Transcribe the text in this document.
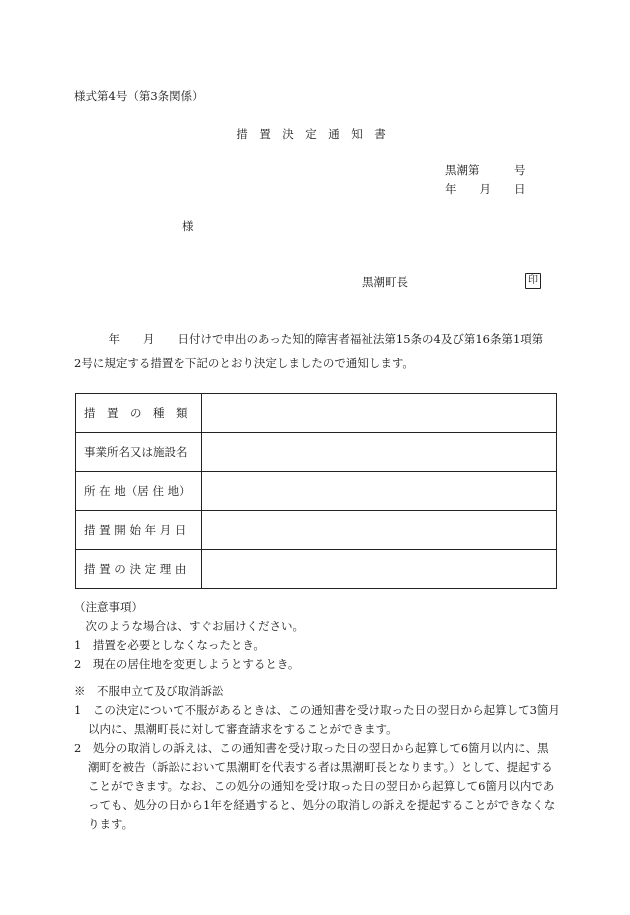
様式第4号（第3条関係）
措　置　決　定　通　知　書
黒潮第　　　号
年　　月　　日
様
黒潮町長	印

　　　年　　月　　日付けで申出のあった知的障害者福祉法第15条の4及び第16条第1項第

2号に規定する措置を下記のとおり決定しましたので通知します。

措　置　の　種　類	
事業所名又は施設名	
所 在 地（居 住 地）	
措 置 開 始 年 月 日	
措 置 の 決 定 理 由	
（注意事項）
　次のような場合は、すぐお届けください。
1　措置を必要としなくなったとき。
2　現在の居住地を変更しようとするとき。
※　不服申立て及び取消訴訟
1　この決定について不服があるときは、この通知書を受け取った日の翌日から起算して3箇月以内に、黒潮町長に対して審査請求をすることができます。
2　処分の取消しの訴えは、この通知書を受け取った日の翌日から起算して6箇月以内に、黒潮町を被告（訴訟において黒潮町を代表する者は黒潮町長となります。）として、提起することができます。なお、この処分の通知を受け取った日の翌日から起算して6箇月以内であっても、処分の日から1年を経過すると、処分の取消しの訴えを提起することができなくなります。
